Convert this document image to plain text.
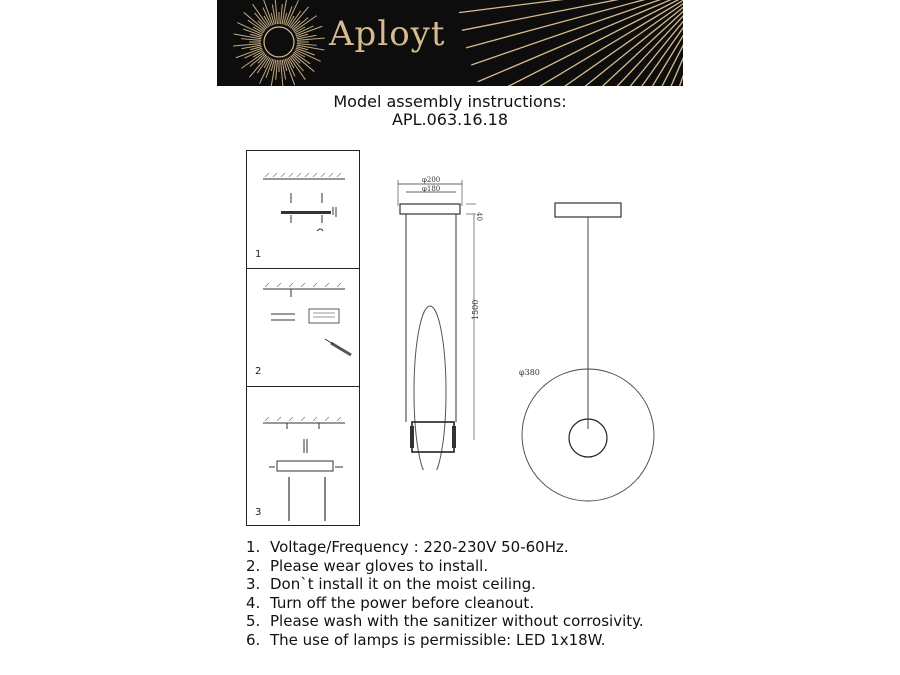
Aployt
Model assembly instructions:
APL.063.16.18
1
2
3
φ200
φ180
40
1500
φ380
1. Voltage/Frequency : 220-230V 50-60Hz.
2. Please wear gloves to install.
3. Don`t install it on the moist ceiling.
4. Turn off the power before cleanout.
5. Please wash with the sanitizer without corrosivity.
6. The use of lamps is permissible: LED 1x18W.
